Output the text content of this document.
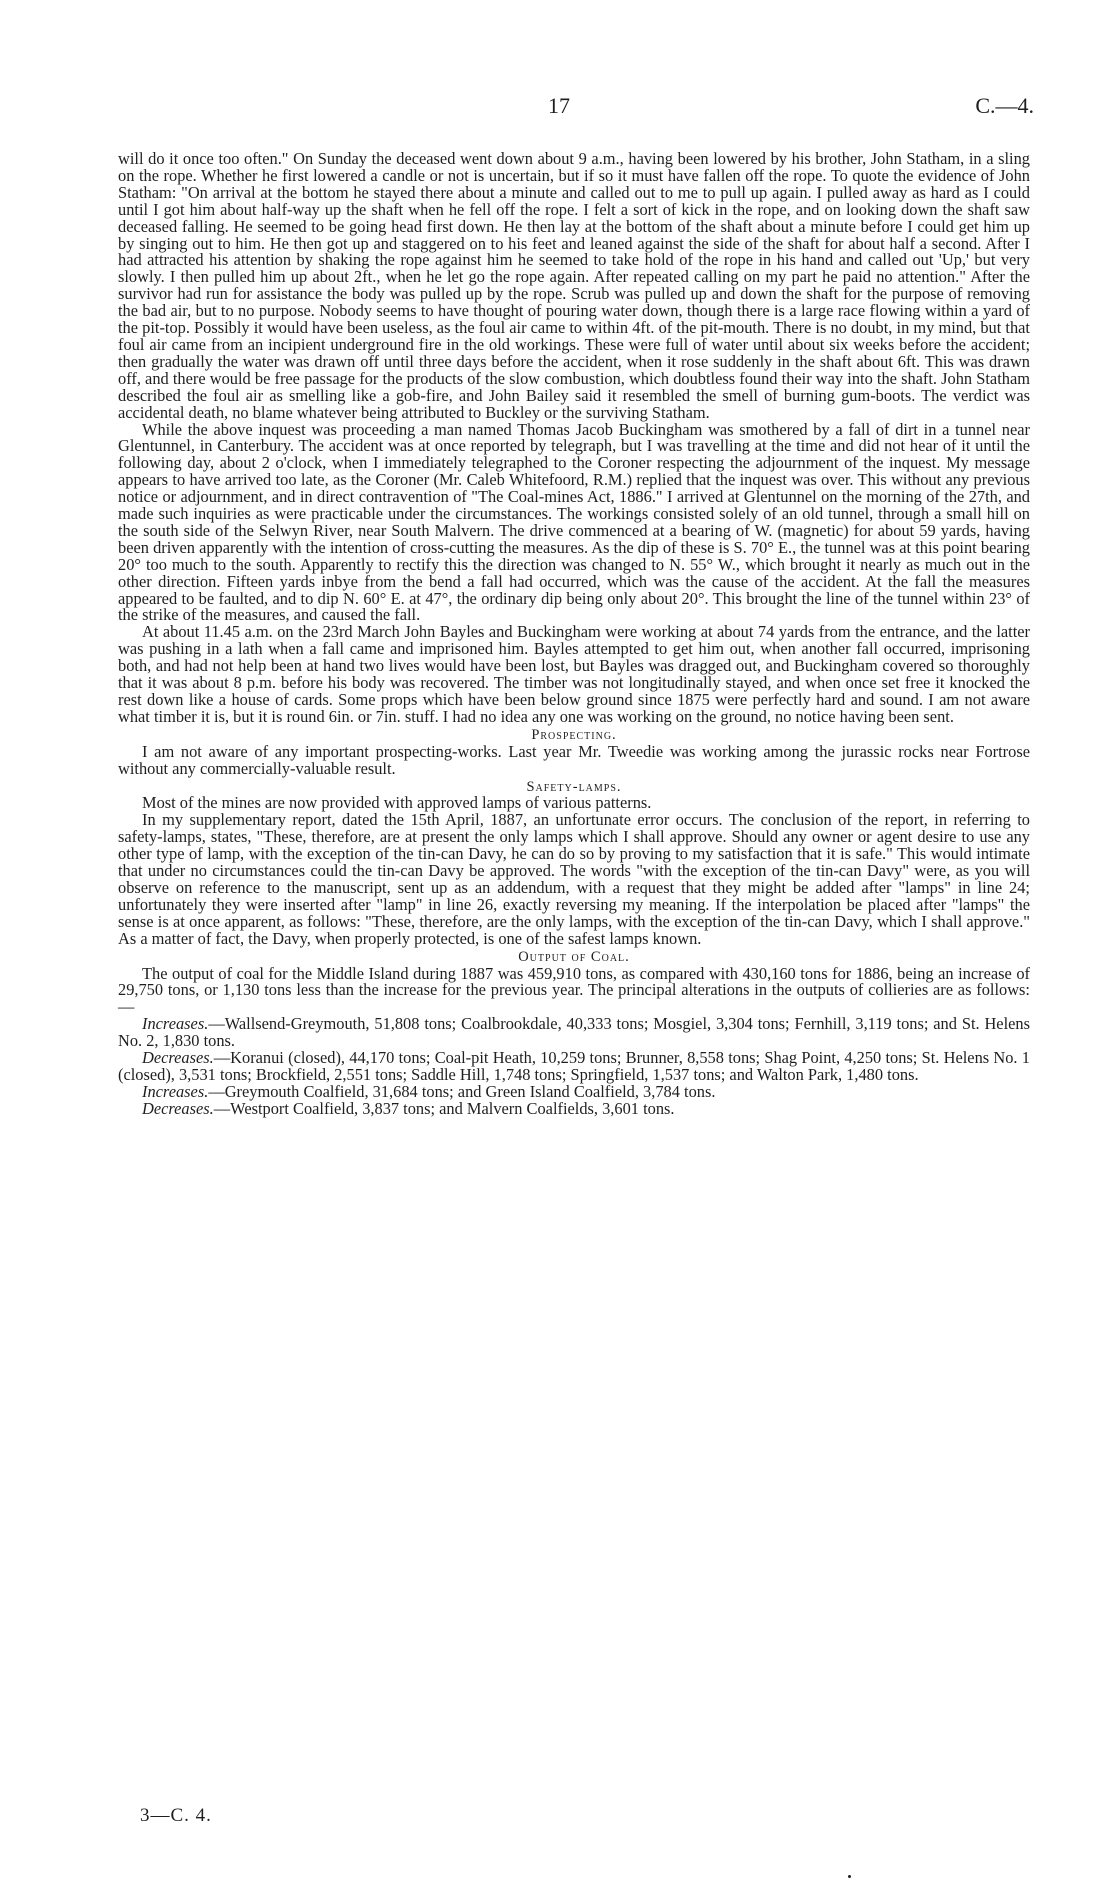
17	C.—4.

will do it once too often." On Sunday the deceased went down about 9 a.m., having been lowered by his brother, John Statham, in a sling on the rope. Whether he first lowered a candle or not is uncertain, but if so it must have fallen off the rope. To quote the evidence of John Statham: "On arrival at the bottom he stayed there about a minute and called out to me to pull up again. I pulled away as hard as I could until I got him about half-way up the shaft when he fell off the rope. I felt a sort of kick in the rope, and on looking down the shaft saw deceased falling. He seemed to be going head first down. He then lay at the bottom of the shaft about a minute before I could get him up by singing out to him. He then got up and staggered on to his feet and leaned against the side of the shaft for about half a second. After I had attracted his attention by shaking the rope against him he seemed to take hold of the rope in his hand and called out 'Up,' but very slowly. I then pulled him up about 2ft., when he let go the rope again. After repeated calling on my part he paid no attention." After the survivor had run for assistance the body was pulled up by the rope. Scrub was pulled up and down the shaft for the purpose of removing the bad air, but to no purpose. Nobody seems to have thought of pouring water down, though there is a large race flowing within a yard of the pit-top. Possibly it would have been useless, as the foul air came to within 4ft. of the pit-mouth. There is no doubt, in my mind, but that foul air came from an incipient underground fire in the old workings. These were full of water until about six weeks before the accident; then gradually the water was drawn off until three days before the accident, when it rose suddenly in the shaft about 6ft. This was drawn off, and there would be free passage for the products of the slow combustion, which doubtless found their way into the shaft. John Statham described the foul air as smelling like a gob-fire, and John Bailey said it resembled the smell of burning gum-boots. The verdict was accidental death, no blame whatever being attributed to Buckley or the surviving Statham.

While the above inquest was proceeding a man named Thomas Jacob Buckingham was smothered by a fall of dirt in a tunnel near Glentunnel, in Canterbury. The accident was at once reported by telegraph, but I was travelling at the time and did not hear of it until the following day, about 2 o'clock, when I immediately telegraphed to the Coroner respecting the adjournment of the inquest. My message appears to have arrived too late, as the Coroner (Mr. Caleb Whitefoord, R.M.) replied that the inquest was over. This without any previous notice or adjournment, and in direct contravention of "The Coal-mines Act, 1886." I arrived at Glentunnel on the morning of the 27th, and made such inquiries as were practicable under the circumstances. The workings consisted solely of an old tunnel, through a small hill on the south side of the Selwyn River, near South Malvern. The drive commenced at a bearing of W. (magnetic) for about 59 yards, having been driven apparently with the intention of cross-cutting the measures. As the dip of these is S. 70° E., the tunnel was at this point bearing 20° too much to the south. Apparently to rectify this the direction was changed to N. 55° W., which brought it nearly as much out in the other direction. Fifteen yards inbye from the bend a fall had occurred, which was the cause of the accident. At the fall the measures appeared to be faulted, and to dip N. 60° E. at 47°, the ordinary dip being only about 20°. This brought the line of the tunnel within 23° of the strike of the measures, and caused the fall.

At about 11.45 a.m. on the 23rd March John Bayles and Buckingham were working at about 74 yards from the entrance, and the latter was pushing in a lath when a fall came and imprisoned him. Bayles attempted to get him out, when another fall occurred, imprisoning both, and had not help been at hand two lives would have been lost, but Bayles was dragged out, and Buckingham covered so thoroughly that it was about 8 p.m. before his body was recovered. The timber was not longitudinally stayed, and when once set free it knocked the rest down like a house of cards. Some props which have been below ground since 1875 were perfectly hard and sound. I am not aware what timber it is, but it is round 6in. or 7in. stuff. I had no idea any one was working on the ground, no notice having been sent.

Prospecting.

I am not aware of any important prospecting-works. Last year Mr. Tweedie was working among the jurassic rocks near Fortrose without any commercially-valuable result.

Safety-lamps.

Most of the mines are now provided with approved lamps of various patterns.

In my supplementary report, dated the 15th April, 1887, an unfortunate error occurs. The conclusion of the report, in referring to safety-lamps, states, "These, therefore, are at present the only lamps which I shall approve. Should any owner or agent desire to use any other type of lamp, with the exception of the tin-can Davy, he can do so by proving to my satisfaction that it is safe." This would intimate that under no circumstances could the tin-can Davy be approved. The words "with the exception of the tin-can Davy" were, as you will observe on reference to the manuscript, sent up as an addendum, with a request that they might be added after "lamps" in line 24; unfortunately they were inserted after "lamp" in line 26, exactly reversing my meaning. If the interpolation be placed after "lamps" the sense is at once apparent, as follows: "These, therefore, are the only lamps, with the exception of the tin-can Davy, which I shall approve." As a matter of fact, the Davy, when properly protected, is one of the safest lamps known.

Output of Coal.

The output of coal for the Middle Island during 1887 was 459,910 tons, as compared with 430,160 tons for 1886, being an increase of 29,750 tons, or 1,130 tons less than the increase for the previous year. The principal alterations in the outputs of collieries are as follows:—

Increases.—Wallsend-Greymouth, 51,808 tons; Coalbrookdale, 40,333 tons; Mosgiel, 3,304 tons; Fernhill, 3,119 tons; and St. Helens No. 2, 1,830 tons.

Decreases.—Koranui (closed), 44,170 tons; Coal-pit Heath, 10,259 tons; Brunner, 8,558 tons; Shag Point, 4,250 tons; St. Helens No. 1 (closed), 3,531 tons; Brockfield, 2,551 tons; Saddle Hill, 1,748 tons; Springfield, 1,537 tons; and Walton Park, 1,480 tons.

Increases.—Greymouth Coalfield, 31,684 tons; and Green Island Coalfield, 3,784 tons.

Decreases.—Westport Coalfield, 3,837 tons; and Malvern Coalfields, 3,601 tons.

3—C. 4.
